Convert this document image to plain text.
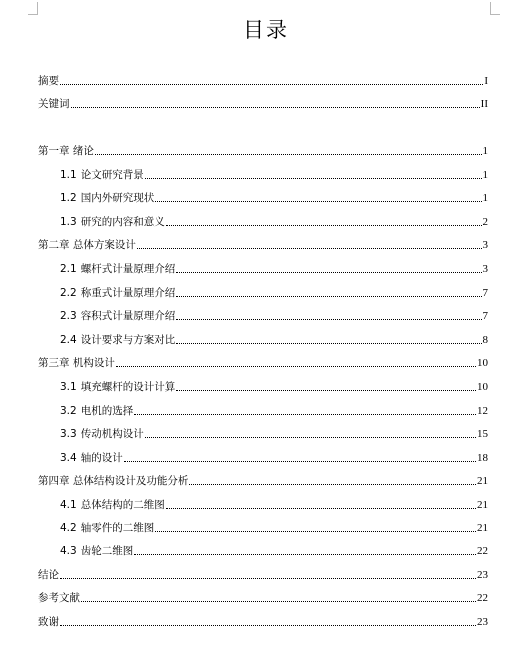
目录
摘要	I
关键词	II
第一章 绪论	1
1.1 论文研究背景	1
1.2 国内外研究现状	1
1.3 研究的内容和意义	2
第二章 总体方案设计	3
2.1 螺杆式计量原理介绍	3
2.2 称重式计量原理介绍	7
2.3 容积式计量原理介绍	7
2.4 设计要求与方案对比	8
第三章 机构设计	10
3.1 填充螺杆的设计计算	10
3.2 电机的选择	12
3.3 传动机构设计	15
3.4 轴的设计	18
第四章 总体结构设计及功能分析	21
4.1 总体结构的二维图	21
4.2 轴零件的二维图	21
4.3 齿轮二维图	22
结论	23
参考文献	22
致谢	23
